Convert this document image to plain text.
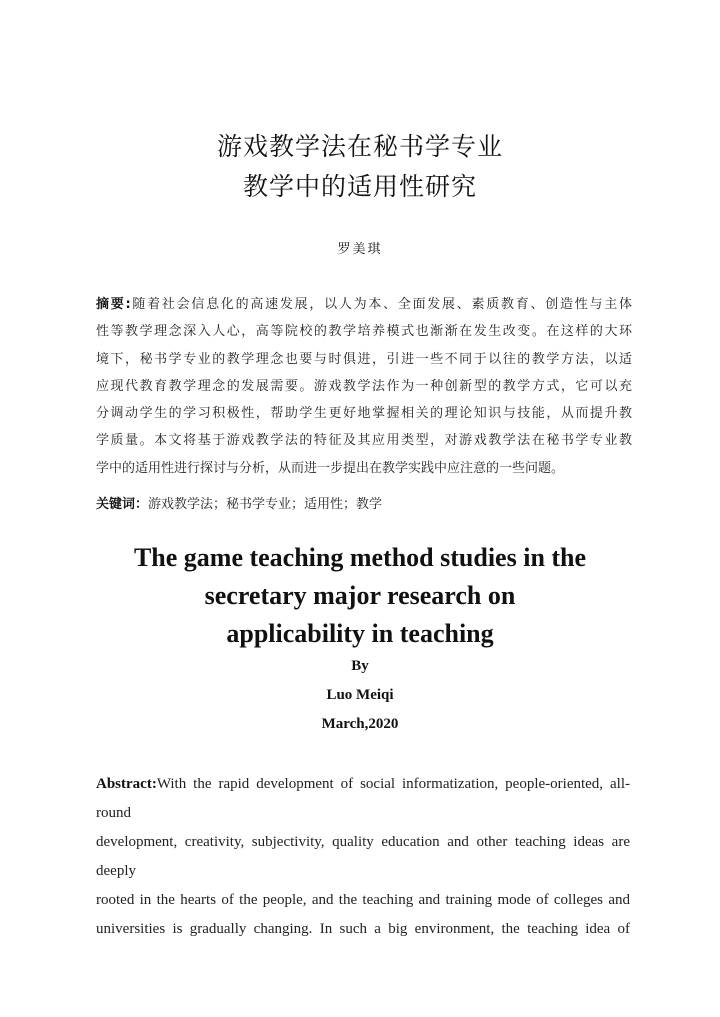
游戏教学法在秘书学专业
教学中的适用性研究
罗美琪
摘要:随着社会信息化的高速发展，以人为本、全面发展、素质教育、创造性与主体
性等教学理念深入人心，高等院校的教学培养模式也渐渐在发生改变。在这样的大环
境下，秘书学专业的教学理念也要与时俱进，引进一些不同于以往的教学方法，以适
应现代教育教学理念的发展需要。游戏教学法作为一种创新型的教学方式，它可以充
分调动学生的学习积极性，帮助学生更好地掌握相关的理论知识与技能，从而提升教
学质量。本文将基于游戏教学法的特征及其应用类型，对游戏教学法在秘书学专业教
学中的适用性进行探讨与分析，从而进一步提出在教学实践中应注意的一些问题。
关键词：游戏教学法；秘书学专业；适用性；教学
The game teaching method studies in the
secretary major research on
applicability in teaching
By
Luo Meiqi
March,2020
Abstract:With the rapid development of social informatization, people-oriented, all-round
development, creativity, subjectivity, quality education and other teaching ideas are deeply
rooted in the hearts of the people, and the teaching and training mode of colleges and
universities is gradually changing. In such a big environment, the teaching idea of
